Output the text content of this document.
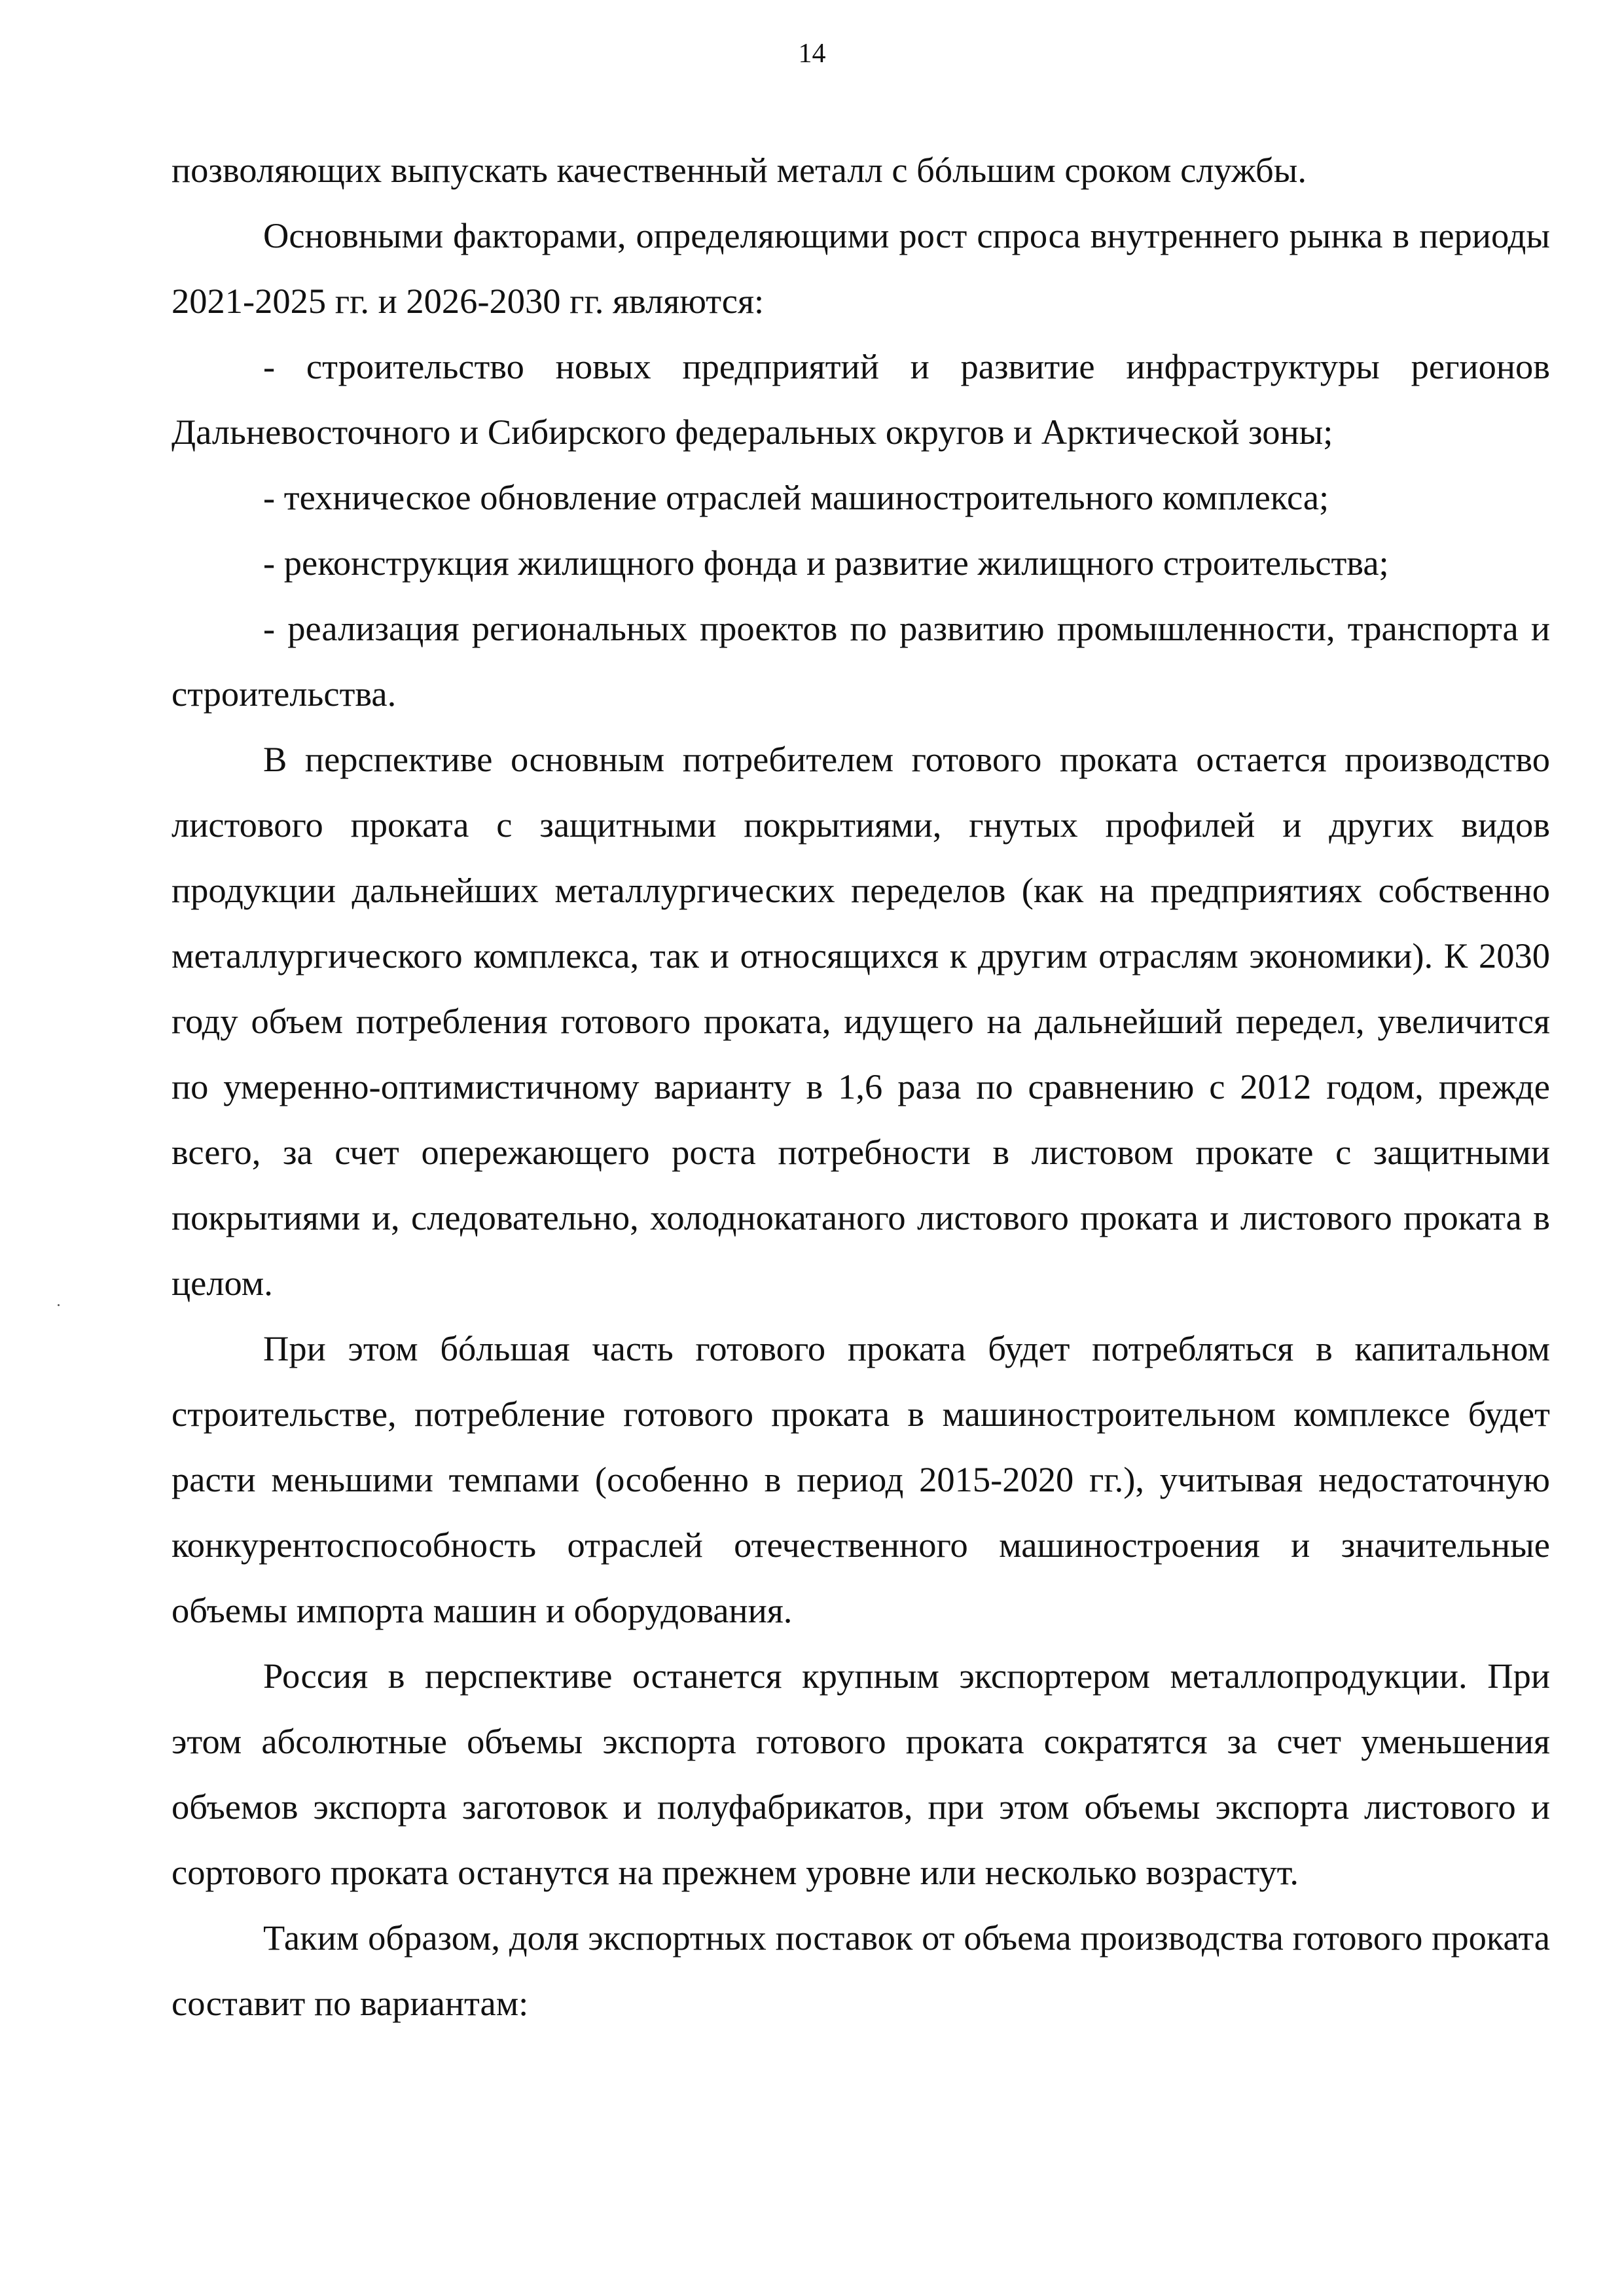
14

позволяющих выпускать качественный металл с бóльшим сроком службы.

Основными факторами, определяющими рост спроса внутреннего рынка в периоды 2021-2025 гг. и 2026-2030 гг. являются:

- строительство новых предприятий и развитие инфраструктуры регионов Дальневосточного и Сибирского федеральных округов и Арктической зоны;

- техническое обновление отраслей машиностроительного комплекса;

- реконструкция жилищного фонда и развитие жилищного строительства;

- реализация региональных проектов по развитию промышленности, транспорта и строительства.

В перспективе основным потребителем готового проката остается производство листового проката с защитными покрытиями, гнутых профилей и других видов продукции дальнейших металлургических переделов (как на предприятиях собственно металлургического комплекса, так и относящихся к другим отраслям экономики). К 2030 году объем потребления готового проката, идущего на дальнейший передел, увеличится по умеренно-оптимистичному варианту в 1,6 раза по сравнению с 2012 годом, прежде всего, за счет опережающего роста потребности в листовом прокате с защитными покрытиями и, следовательно, холоднокатаного листового проката и листового проката в целом.

При этом бóльшая часть готового проката будет потребляться в капитальном строительстве, потребление готового проката в машиностроительном комплексе будет расти меньшими темпами (особенно в период 2015-2020 гг.), учитывая недостаточную конкурентоспособность отраслей отечественного машиностроения и значительные объемы импорта машин и оборудования.

Россия в перспективе останется крупным экспортером металлопродукции. При этом абсолютные объемы экспорта готового проката сократятся за счет уменьшения объемов экспорта заготовок и полуфабрикатов, при этом объемы экспорта листового и сортового проката останутся на прежнем уровне или несколько возрастут.

Таким образом, доля экспортных поставок от объема производства готового проката составит по вариантам:
